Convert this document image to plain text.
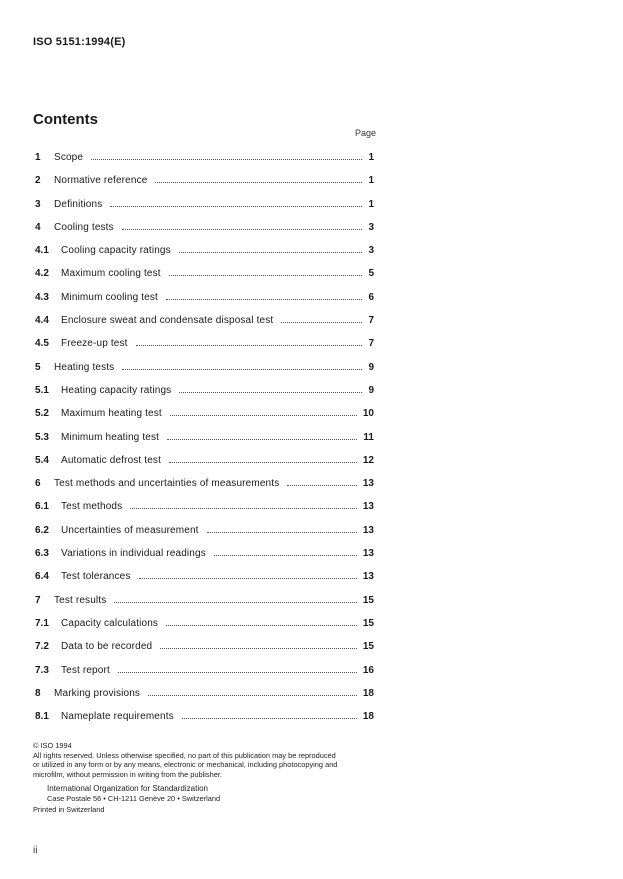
ISO 5151:1994(E)
Contents
Page
1 Scope	1
2 Normative reference	1
3 Definitions	1
4 Cooling tests	3
4.1 Cooling capacity ratings	3
4.2 Maximum cooling test	5
4.3 Minimum cooling test	6
4.4 Enclosure sweat and condensate disposal test	7
4.5 Freeze-up test	7
5 Heating tests	9
5.1 Heating capacity ratings	9
5.2 Maximum heating test	10
5.3 Minimum heating test	11
5.4 Automatic defrost test	12
6 Test methods and uncertainties of measurements	13
6.1 Test methods	13
6.2 Uncertainties of measurement	13
6.3 Variations in individual readings	13
6.4 Test tolerances	13
7 Test results	15
7.1 Capacity calculations	15
7.2 Data to be recorded	15
7.3 Test report	16
8 Marking provisions	18
8.1 Nameplate requirements	18
© ISO 1994
All rights reserved. Unless otherwise specified, no part of this publication may be reproduced
or utilized in any form or by any means, electronic or mechanical, including photocopying and
microfilm, without permission in writing from the publisher.
International Organization for Standardization
Case Postale 56 • CH-1211 Genève 20 • Switzerland
Printed in Switzerland
ii
